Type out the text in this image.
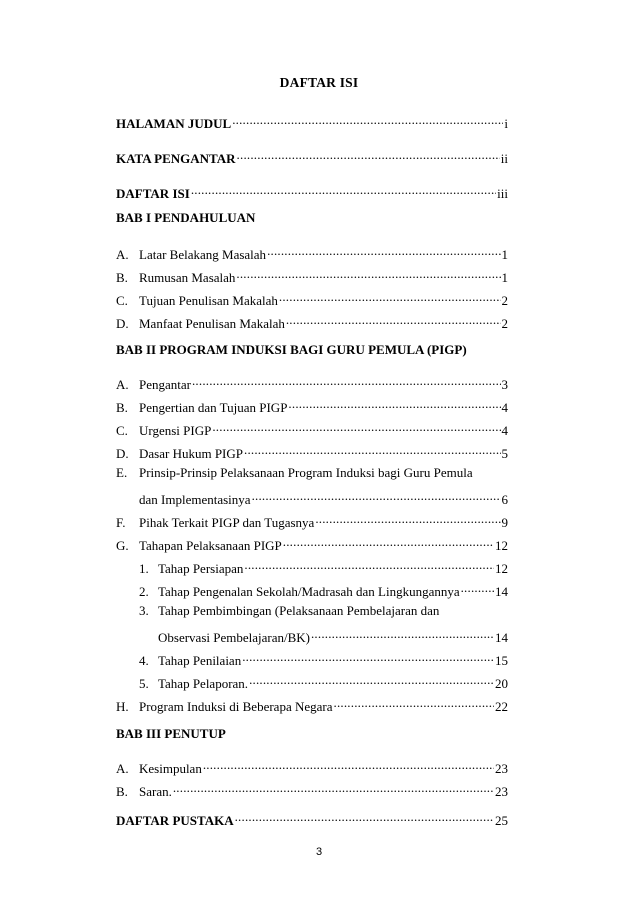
DAFTAR ISI
HALAMAN JUDUL .....	i
KATA PENGANTAR .....	ii
DAFTAR ISI .....	iii
BAB I PENDAHULUAN
A. Latar Belakang Masalah .....	1
B. Rumusan Masalah .....	1
C. Tujuan Penulisan Makalah .....	2
D. Manfaat Penulisan Makalah .....	2
BAB II PROGRAM INDUKSI BAGI GURU PEMULA (PIGP)
A. Pengantar .....	3
B. Pengertian dan Tujuan PIGP .....	4
C. Urgensi PIGP .....	4
D. Dasar Hukum PIGP .....	5
E. Prinsip-Prinsip Pelaksanaan Program Induksi bagi Guru Pemula
dan Implementasinya .....	6
F.	Pihak Terkait PIGP dan Tugasnya .....	9
G. Tahapan Pelaksanaan PIGP .....	12
1. Tahap Persiapan .....	12
2. Tahap Pengenalan Sekolah/Madrasah dan Lingkungannya .....	14
3. Tahap Pembimbingan (Pelaksanaan Pembelajaran dan
Observasi Pembelajaran/BK) .....	14
4. Tahap Penilaian .....	15
5. Tahap Pelaporan. .....	20
H. Program Induksi di Beberapa Negara .....	22
BAB III PENUTUP
A. Kesimpulan .....	23
B. Saran. .....	23
DAFTAR PUSTAKA .....	25
3
